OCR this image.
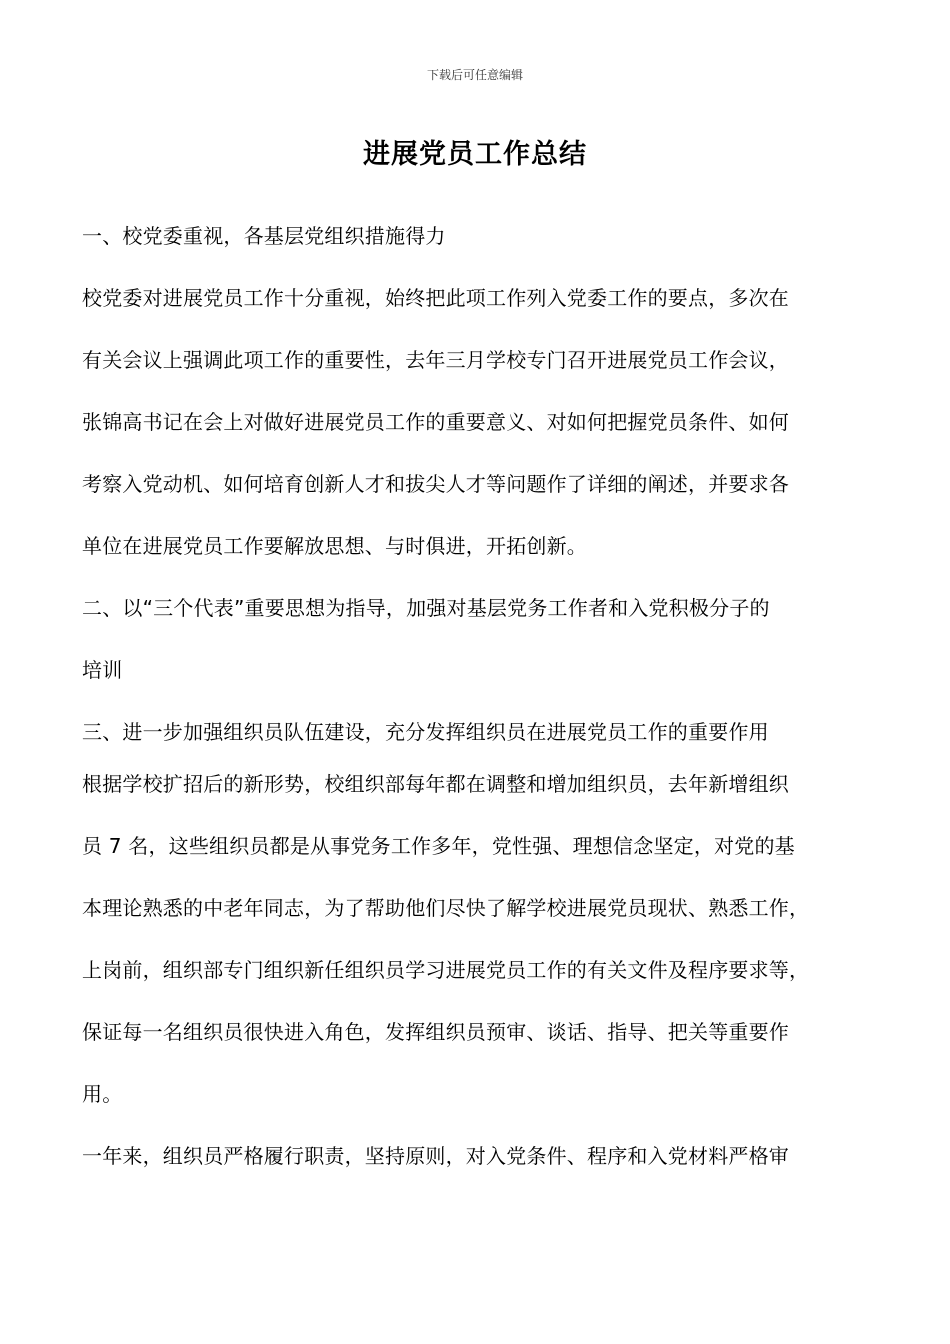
下载后可任意编辑
进展党员工作总结
一、校党委重视，各基层党组织措施得力
校党委对进展党员工作十分重视，始终把此项工作列入党委工作的要点，多次在
有关会议上强调此项工作的重要性，去年三月学校专门召开进展党员工作会议，
张锦高书记在会上对做好进展党员工作的重要意义、对如何把握党员条件、如何
考察入党动机、如何培育创新人才和拔尖人才等问题作了详细的阐述，并要求各
单位在进展党员工作要解放思想、与时俱进，开拓创新。
二、以“三个代表”重要思想为指导，加强对基层党务工作者和入党积极分子的
培训
三、进一步加强组织员队伍建设，充分发挥组织员在进展党员工作的重要作用
根据学校扩招后的新形势，校组织部每年都在调整和增加组织员，去年新增组织
员 7 名，这些组织员都是从事党务工作多年，党性强、理想信念坚定，对党的基
本理论熟悉的中老年同志，为了帮助他们尽快了解学校进展党员现状、熟悉工作，
上岗前，组织部专门组织新任组织员学习进展党员工作的有关文件及程序要求等，
保证每一名组织员很快进入角色，发挥组织员预审、谈话、指导、把关等重要作
用。
一年来，组织员严格履行职责，坚持原则，对入党条件、程序和入党材料严格审
